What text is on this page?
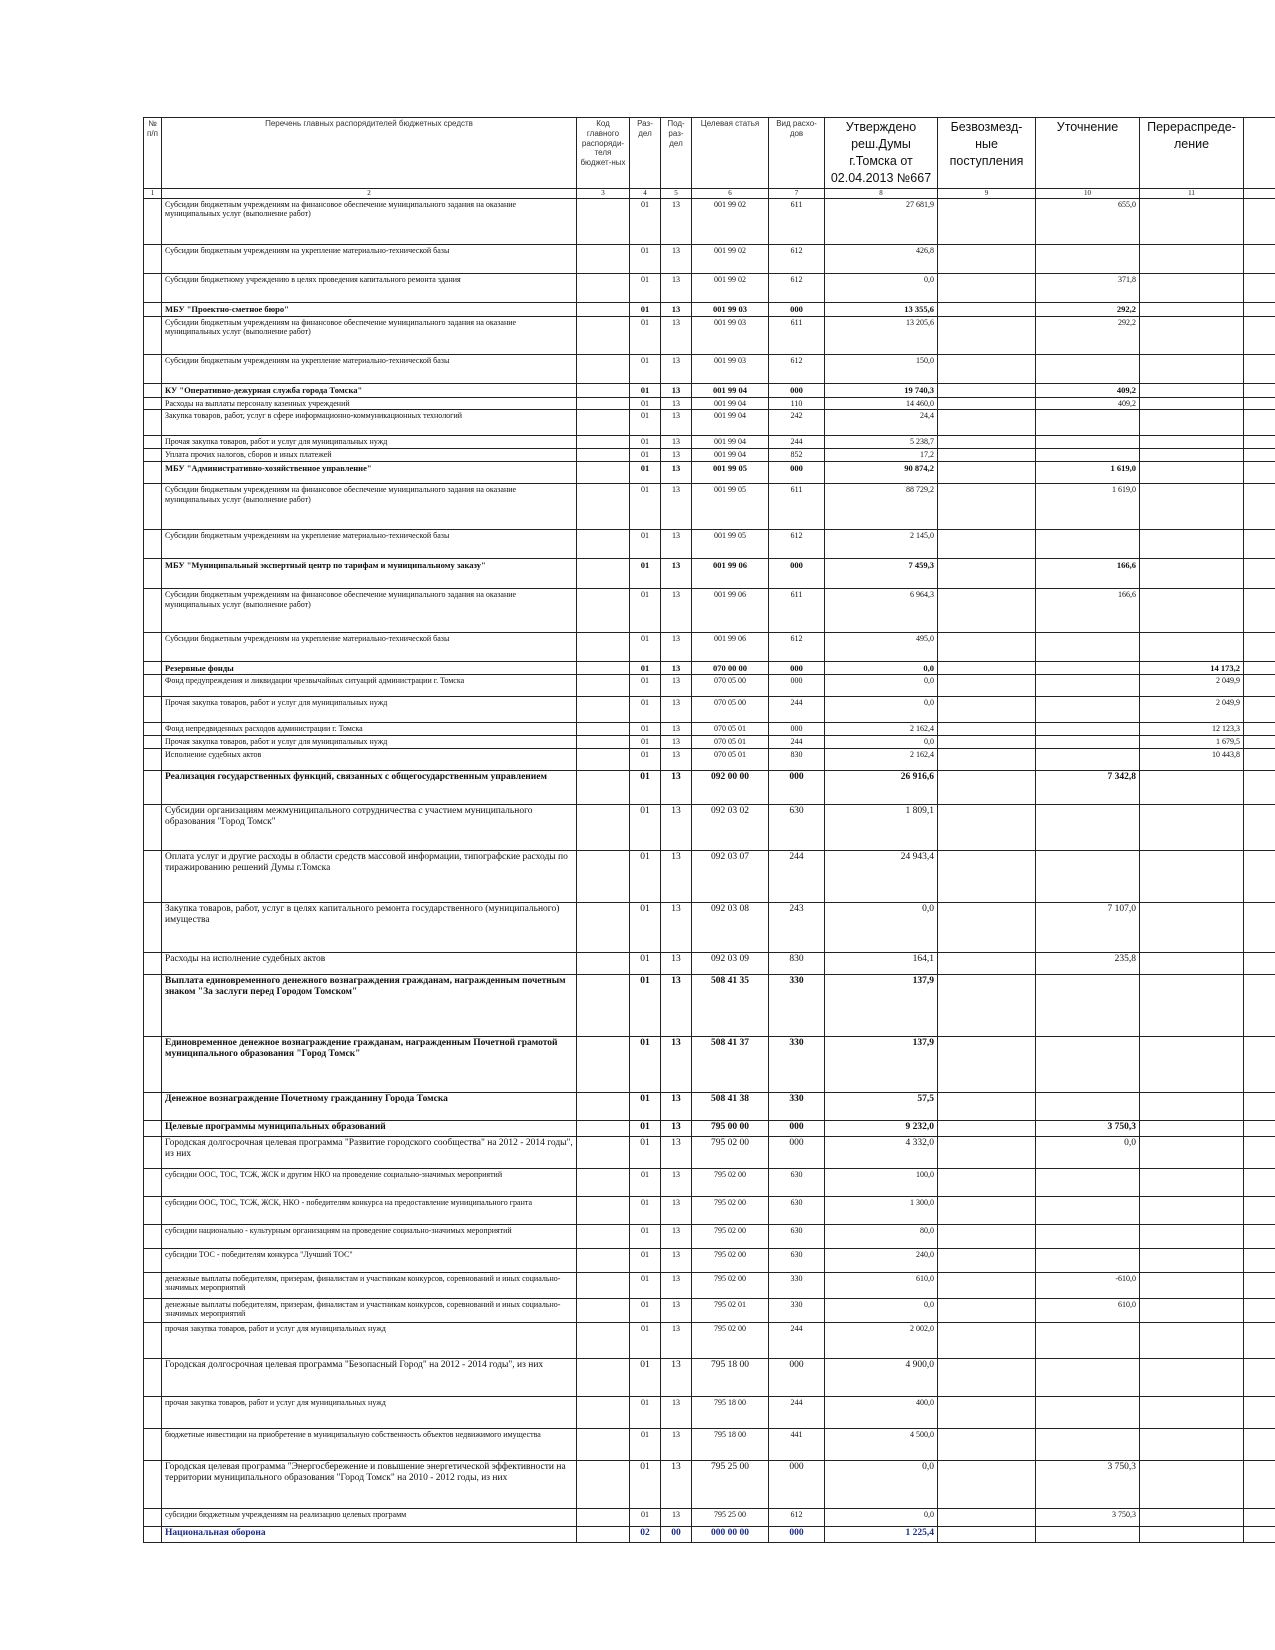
№ п/п	Перечень главных распорядителей бюджетных средств	Код главного распоряди-теля бюджет-ных	Раз-дел	Под-раз-дел	Целевая статья	Вид расхо-дов	Утверждено реш.Думы г.Томска от 02.04.2013 №667	Безвозмезд-ные поступления	Уточнение	Перераспреде-ление	
1	2	3	4	5	6	7	8	9	10	11	
	Субсидии бюджетным учреждениям на финансовое обеспечение муниципального задания на оказание муниципальных услуг (выполнение работ)		01	13	001 99 02	611	27 681,9		655,0		
	Субсидии бюджетным учреждениям на укрепление материально-технической базы		01	13	001 99 02	612	426,8				
	Субсидии бюджетному учреждению в целях проведения капитального ремонта здания		01	13	001 99 02	612	0,0		371,8		
	МБУ "Проектно-сметное бюро"		01	13	001 99 03	000	13 355,6		292,2		
	Субсидии бюджетным учреждениям на финансовое обеспечение муниципального задания на оказание муниципальных услуг (выполнение работ)		01	13	001 99 03	611	13 205,6		292,2		
	Субсидии бюджетным учреждениям на укрепление материально-технической базы		01	13	001 99 03	612	150,0				
	КУ "Оперативно-дежурная служба города Томска"		01	13	001 99 04	000	19 740,3		409,2		
	Расходы на выплаты персоналу казенных учреждений		01	13	001 99 04	110	14 460,0		409,2		
	Закупка товаров, работ, услуг в сфере информационно-коммуникационных технологий		01	13	001 99 04	242	24,4				
	Прочая закупка товаров, работ и услуг для муниципальных нужд		01	13	001 99 04	244	5 238,7				
	Уплата прочих налогов, сборов и иных платежей		01	13	001 99 04	852	17,2				
	МБУ "Административно-хозяйственное управление"		01	13	001 99 05	000	90 874,2		1 619,0		
	Субсидии бюджетным учреждениям на финансовое обеспечение муниципального задания на оказание муниципальных услуг (выполнение работ)		01	13	001 99 05	611	88 729,2		1 619,0		
	Субсидии бюджетным учреждениям на укрепление материально-технической базы		01	13	001 99 05	612	2 145,0				
	МБУ "Муниципальный экспертный центр по тарифам и муниципальному заказу"		01	13	001 99 06	000	7 459,3		166,6		
	Субсидии бюджетным учреждениям на финансовое обеспечение муниципального задания на оказание муниципальных услуг (выполнение работ)		01	13	001 99 06	611	6 964,3		166,6		
	Субсидии бюджетным учреждениям на укрепление материально-технической базы		01	13	001 99 06	612	495,0				
	Резервные фонды		01	13	070 00 00	000	0,0			14 173,2	
	Фонд предупреждения и ликвидации чрезвычайных ситуаций администрации г. Томска		01	13	070 05 00	000	0,0			2 049,9	
	Прочая закупка товаров, работ и услуг для муниципальных нужд		01	13	070 05 00	244	0,0			2 049,9	
	Фонд непредвиденных расходов администрации г. Томска		01	13	070 05 01	000	2 162,4			12 123,3	
	Прочая закупка товаров, работ и услуг для муниципальных нужд		01	13	070 05 01	244	0,0			1 679,5	
	Исполнение судебных актов		01	13	070 05 01	830	2 162,4			10 443,8	
	Реализация государственных функций, связанных с общегосударственным управлением		01	13	092 00 00	000	26 916,6		7 342,8		
	Субсидии организациям межмуниципального сотрудничества с участием муниципального образования "Город Томск"		01	13	092 03 02	630	1 809,1				
	Оплата услуг и другие расходы в области средств массовой информации, типографские расходы по тиражированию решений Думы г.Томска		01	13	092 03 07	244	24 943,4				
	Закупка товаров, работ, услуг в целях капитального ремонта государственного (муниципального) имущества		01	13	092 03 08	243	0,0		7 107,0		
	Расходы на исполнение судебных актов		01	13	092 03 09	830	164,1		235,8		
	Выплата единовременного денежного вознаграждения гражданам, награжденным почетным знаком "За заслуги перед Городом Томском"		01	13	508 41 35	330	137,9				
	Единовременное денежное вознаграждение гражданам, награжденным Почетной грамотой муниципального образования "Город Томск"		01	13	508 41 37	330	137,9				
	Денежное вознаграждение Почетному гражданину Города Томска		01	13	508 41 38	330	57,5				
	Целевые программы муниципальных образований		01	13	795 00 00	000	9 232,0		3 750,3		
	Городская долгосрочная целевая программа "Развитие городского сообщества" на 2012 - 2014 годы", из них		01	13	795 02 00	000	4 332,0		0,0		
	субсидии ООС, ТОС, ТСЖ, ЖСК и другим НКО на проведение социально-значимых мероприятий		01	13	795 02 00	630	100,0				
	субсидии ООС, ТОС, ТСЖ, ЖСК, НКО - победителям конкурса на предоставление муниципального гранта		01	13	795 02 00	630	1 300,0				
	субсидии национально - культурным организациям на проведение социально-значимых мероприятий		01	13	795 02 00	630	80,0				
	субсидии ТОС - победителям конкурса "Лучший ТОС"		01	13	795 02 00	630	240,0				
	денежные выплаты победителям, призерам, финалистам и участникам конкурсов, соревнований и иных социально-значимых мероприятий		01	13	795 02 00	330	610,0		-610,0		
	денежные выплаты победителям, призерам, финалистам и участникам конкурсов, соревнований и иных социально-значимых мероприятий		01	13	795 02 01	330	0,0		610,0		
	прочая закупка товаров, работ и услуг для муниципальных нужд		01	13	795 02 00	244	2 002,0				
	Городская долгосрочная целевая программа "Безопасный Город" на 2012 - 2014 годы", из них		01	13	795 18 00	000	4 900,0				
	прочая закупка товаров, работ и услуг для муниципальных нужд		01	13	795 18 00	244	400,0				
	бюджетные инвестиции на приобретение в муниципальную собственность объектов недвижимого имущества		01	13	795 18 00	441	4 500,0				
	Городская целевая программа "Энергосбережение и повышение энергетической эффективности на территории муниципального образования "Город Томск" на 2010 - 2012 годы, из них		01	13	795 25 00	000	0,0		3 750,3		
	субсидии бюджетным учреждениям на реализацию целевых программ		01	13	795 25 00	612	0,0		3 750,3		
	Национальная оборона		02	00	000 00 00	000	1 225,4				
